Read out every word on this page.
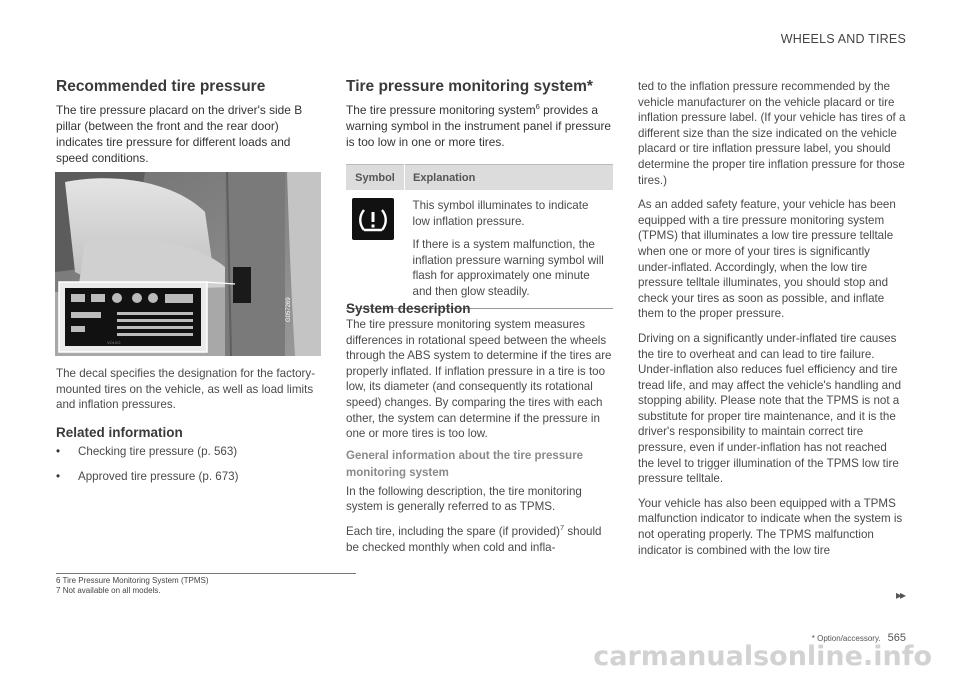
WHEELS AND TIRES
Recommended tire pressure

The tire pressure placard on the driver's side B pillar (between the front and the rear door) indicates tire pressure for different loads and speed conditions.

G057269
VOLVO

The decal specifies the designation for the factory-mounted tires on the vehicle, as well as load limits and inflation pressures.

Related information
• Checking tire pressure (p. 563)
• Approved tire pressure (p. 673)
Tire pressure monitoring system*

The tire pressure monitoring system$^6$ provides a warning symbol in the instrument panel if pressure is too low in one or more tires.

Symbol	Explanation

This symbol illuminates to indicate low inflation pressure.

If there is a system malfunction, the inflation pressure warning symbol will flash for approximately one minute and then glow steadily.

System description

The tire pressure monitoring system measures differences in rotational speed between the wheels through the ABS system to determine if the tires are properly inflated. If inflation pressure in a tire is too low, its diameter (and consequently its rotational speed) changes. By comparing the tires with each other, the system can determine if the pressure in one or more tires is too low.

General information about the tire pressure monitoring system

In the following description, the tire monitoring system is generally referred to as TPMS.

Each tire, including the spare (if provided)$^7$ should be checked monthly when cold and infla-

ted to the inflation pressure recommended by the vehicle manufacturer on the vehicle placard or tire inflation pressure label. (If your vehicle has tires of a different size than the size indicated on the vehicle placard or tire inflation pressure label, you should determine the proper tire inflation pressure for those tires.)

As an added safety feature, your vehicle has been equipped with a tire pressure monitoring system (TPMS) that illuminates a low tire pressure telltale when one or more of your tires is significantly under-inflated. Accordingly, when the low tire pressure telltale illuminates, you should stop and check your tires as soon as possible, and inflate them to the proper pressure.

Driving on a significantly under-inflated tire causes the tire to overheat and can lead to tire failure. Under-inflation also reduces fuel efficiency and tire tread life, and may affect the vehicle's handling and stopping ability. Please note that the TPMS is not a substitute for proper tire maintenance, and it is the driver's responsibility to maintain correct tire pressure, even if under-inflation has not reached the level to trigger illumination of the TPMS low tire pressure telltale.

Your vehicle has also been equipped with a TPMS malfunction indicator to indicate when the system is not operating properly. The TPMS malfunction indicator is combined with the low tire

6 Tire Pressure Monitoring System (TPMS)

7 Not available on all models.	▸▸
* Option/accessory. 565
carmanualsonline.info
